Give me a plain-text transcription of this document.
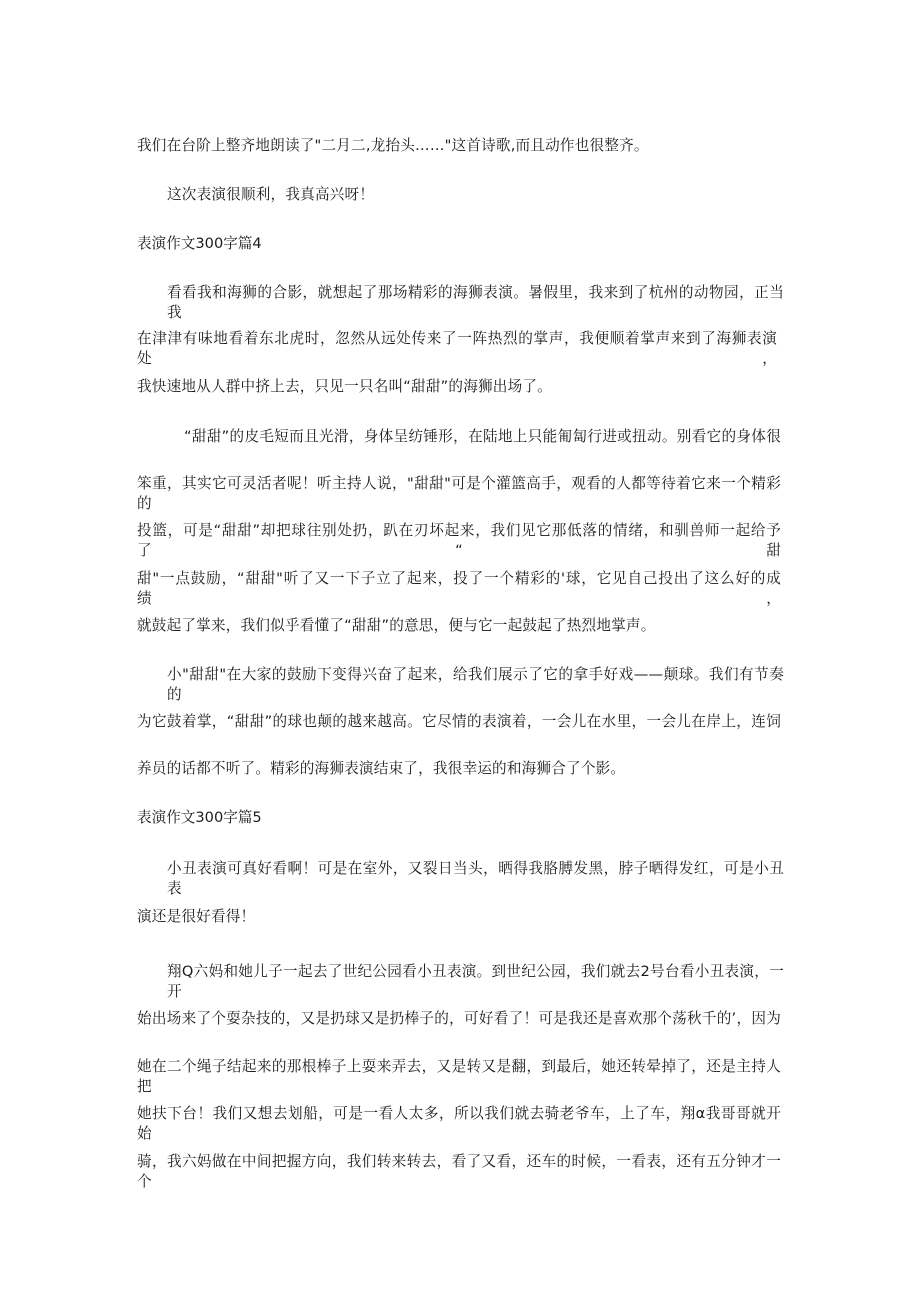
我们在台阶上整齐地朗读了"二月二,龙抬头……"这首诗歌,而且动作也很整齐。
这次表演很顺利，我真高兴呀！
表演作文300字篇4
看看我和海狮的合影，就想起了那场精彩的海狮表演。暑假里，我来到了杭州的动物园，正当我
在津津有味地看着东北虎时，忽然从远处传来了一阵热烈的掌声，我便顺着掌声来到了海狮表演处，
我快速地从人群中挤上去，只见一只名叫“甜甜”的海狮出场了。
“甜甜”的皮毛短而且光滑，身体呈纺锤形，在陆地上只能匍匐行进或扭动。别看它的身体很
笨重，其实它可灵活者呢！听主持人说，"甜甜"可是个灌篮高手，观看的人都等待着它来一个精彩的
投篮，可是“甜甜”却把球往别处扔，趴在刃坏起来，我们见它那低落的情绪，和驯兽师一起给予了“甜
甜"一点鼓励，“甜甜"听了又一下子立了起来，投了一个精彩的'球，它见自己投出了这么好的成绩，
就鼓起了掌来，我们似乎看懂了“甜甜”的意思，便与它一起鼓起了热烈地掌声。
小"甜甜"在大家的鼓励下变得兴奋了起来，给我们展示了它的拿手好戏——颠球。我们有节奏的
为它鼓着掌，“甜甜”的球也颠的越来越高。它尽情的表演着，一会儿在水里，一会儿在岸上，连饲
养员的话都不听了。精彩的海狮表演结束了，我很幸运的和海狮合了个影。
表演作文300字篇5
小丑表演可真好看啊！可是在室外，又裂日当头，晒得我胳膊发黑，脖子晒得发红，可是小丑表
演还是很好看得！
翔Q六妈和她儿子一起去了世纪公园看小丑表演。到世纪公园，我们就去2号台看小丑表演，一开
始出场来了个耍杂技的，又是扔球又是扔棒子的，可好看了！可是我还是喜欢那个荡秋千的’，因为
她在二个绳子结起来的那根棒子上耍来弄去，又是转又是翻，到最后，她还转晕掉了，还是主持人把
她扶下台！我们又想去划船，可是一看人太多，所以我们就去骑老爷车，上了车，翔α我哥哥就开始
骑，我六妈做在中间把握方向，我们转来转去，看了又看，还车的时候，一看表，还有五分钟才一个
